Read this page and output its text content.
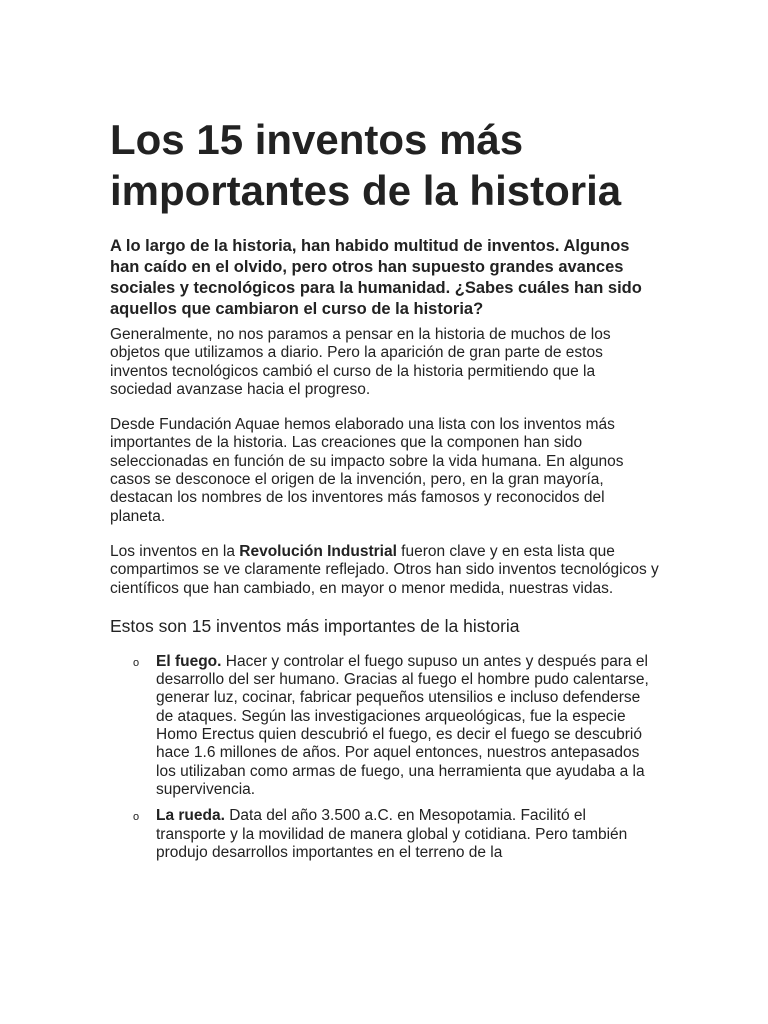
Los 15 inventos más importantes de la historia

A lo largo de la historia, han habido multitud de inventos. Algunos han caído en el olvido, pero otros han supuesto grandes avances sociales y tecnológicos para la humanidad. ¿Sabes cuáles han sido aquellos que cambiaron el curso de la historia?

Generalmente, no nos paramos a pensar en la historia de muchos de los objetos que utilizamos a diario. Pero la aparición de gran parte de estos inventos tecnológicos cambió el curso de la historia permitiendo que la sociedad avanzase hacia el progreso.

Desde Fundación Aquae hemos elaborado una lista con los inventos más importantes de la historia. Las creaciones que la componen han sido seleccionadas en función de su impacto sobre la vida humana. En algunos casos se desconoce el origen de la invención, pero, en la gran mayoría, destacan los nombres de los inventores más famosos y reconocidos del planeta.

Los inventos en la Revolución Industrial fueron clave y en esta lista que compartimos se ve claramente reflejado. Otros han sido inventos tecnológicos y científicos que han cambiado, en mayor o menor medida, nuestras vidas.

Estos son 15 inventos más importantes de la historia
o El fuego. Hacer y controlar el fuego supuso un antes y después para el desarrollo del ser humano. Gracias al fuego el hombre pudo calentarse, generar luz, cocinar, fabricar pequeños utensilios e incluso defenderse de ataques. Según las investigaciones arqueológicas, fue la especie Homo Erectus quien descubrió el fuego, es decir el fuego se descubrió hace 1.6 millones de años. Por aquel entonces, nuestros antepasados los utilizaban como armas de fuego, una herramienta que ayudaba a la supervivencia.
o La rueda. Data del año 3.500 a.C. en Mesopotamia. Facilitó el transporte y la movilidad de manera global y cotidiana. Pero también produjo desarrollos importantes en el terreno de la
